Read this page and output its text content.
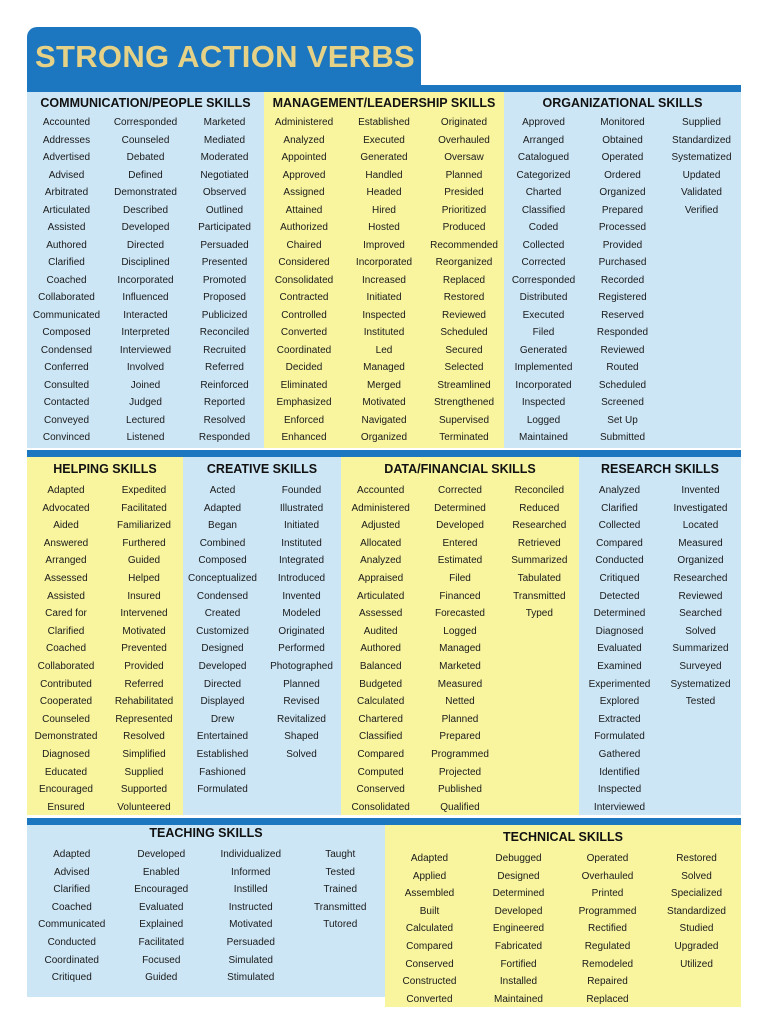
STRONG ACTION VERBS
COMMUNICATION/PEOPLE SKILLS
Accounted
Addresses
Advertised
Advised
Arbitrated
Articulated
Assisted
Authored
Clarified
Coached
Collaborated
Communicated
Composed
Condensed
Conferred
Consulted
Contacted
Conveyed
Convinced
Corresponded
Counseled
Debated
Defined
Demonstrated
Described
Developed
Directed
Disciplined
Incorporated
Influenced
Interacted
Interpreted
Interviewed
Involved
Joined
Judged
Lectured
Listened
Marketed
Mediated
Moderated
Negotiated
Observed
Outlined
Participated
Persuaded
Presented
Promoted
Proposed
Publicized
Reconciled
Recruited
Referred
Reinforced
Reported
Resolved
Responded
MANAGEMENT/LEADERSHIP SKILLS
Administered
Analyzed
Appointed
Approved
Assigned
Attained
Authorized
Chaired
Considered
Consolidated
Contracted
Controlled
Converted
Coordinated
Decided
Eliminated
Emphasized
Enforced
Enhanced
Established
Executed
Generated
Handled
Headed
Hired
Hosted
Improved
Incorporated
Increased
Initiated
Inspected
Instituted
Led
Managed
Merged
Motivated
Navigated
Organized
Originated
Overhauled
Oversaw
Planned
Presided
Prioritized
Produced
Recommended
Reorganized
Replaced
Restored
Reviewed
Scheduled
Secured
Selected
Streamlined
Strengthened
Supervised
Terminated
ORGANIZATIONAL SKILLS
Approved
Arranged
Catalogued
Categorized
Charted
Classified
Coded
Collected
Corrected
Corresponded
Distributed
Executed
Filed
Generated
Implemented
Incorporated
Inspected
Logged
Maintained
Monitored
Obtained
Operated
Ordered
Organized
Prepared
Processed
Provided
Purchased
Recorded
Registered
Reserved
Responded
Reviewed
Routed
Scheduled
Screened
Set Up
Submitted
Supplied
Standardized
Systematized
Updated
Validated
Verified
HELPING SKILLS
Adapted
Advocated
Aided
Answered
Arranged
Assessed
Assisted
Cared for
Clarified
Coached
Collaborated
Contributed
Cooperated
Counseled
Demonstrated
Diagnosed
Educated
Encouraged
Ensured
Expedited
Facilitated
Familiarized
Furthered
Guided
Helped
Insured
Intervened
Motivated
Prevented
Provided
Referred
Rehabilitated
Represented
Resolved
Simplified
Supplied
Supported
Volunteered
CREATIVE SKILLS
Acted
Adapted
Began
Combined
Composed
Conceptualized
Condensed
Created
Customized
Designed
Developed
Directed
Displayed
Drew
Entertained
Established
Fashioned
Formulated
Founded
Illustrated
Initiated
Instituted
Integrated
Introduced
Invented
Modeled
Originated
Performed
Photographed
Planned
Revised
Revitalized
Shaped
Solved
DATA/FINANCIAL SKILLS
Accounted
Administered
Adjusted
Allocated
Analyzed
Appraised
Articulated
Assessed
Audited
Authored
Balanced
Budgeted
Calculated
Chartered
Classified
Compared
Computed
Conserved
Consolidated
Corrected
Determined
Developed
Entered
Estimated
Filed
Financed
Forecasted
Logged
Managed
Marketed
Measured
Netted
Planned
Prepared
Programmed
Projected
Published
Qualified
Reconciled
Reduced
Researched
Retrieved
Summarized
Tabulated
Transmitted
Typed
RESEARCH SKILLS
Analyzed
Clarified
Collected
Compared
Conducted
Critiqued
Detected
Determined
Diagnosed
Evaluated
Examined
Experimented
Explored
Extracted
Formulated
Gathered
Identified
Inspected
Interviewed
Invented
Investigated
Located
Measured
Organized
Researched
Reviewed
Searched
Solved
Summarized
Surveyed
Systematized
Tested
TEACHING SKILLS
Adapted
Advised
Clarified
Coached
Communicated
Conducted
Coordinated
Critiqued
Developed
Enabled
Encouraged
Evaluated
Explained
Facilitated
Focused
Guided
Individualized
Informed
Instilled
Instructed
Motivated
Persuaded
Simulated
Stimulated
Taught
Tested
Trained
Transmitted
Tutored
TECHNICAL SKILLS
Adapted
Applied
Assembled
Built
Calculated
Compared
Conserved
Constructed
Converted
Debugged
Designed
Determined
Developed
Engineered
Fabricated
Fortified
Installed
Maintained
Operated
Overhauled
Printed
Programmed
Rectified
Regulated
Remodeled
Repaired
Replaced
Restored
Solved
Specialized
Standardized
Studied
Upgraded
Utilized
